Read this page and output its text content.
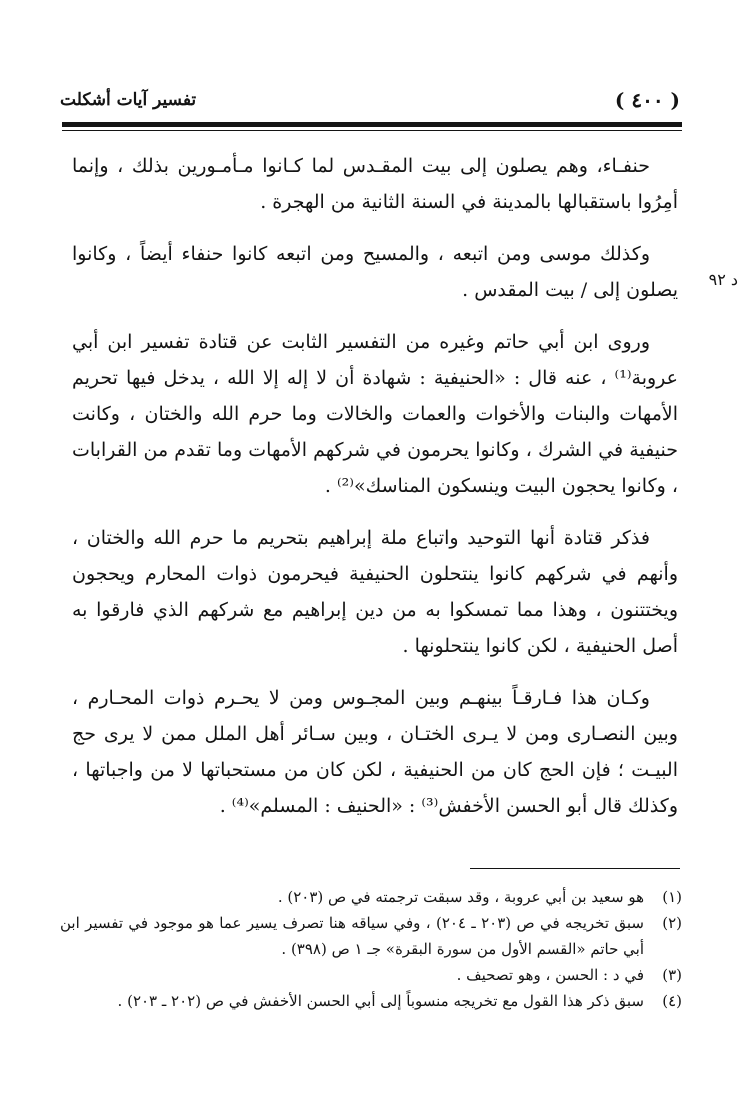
تفسير آيات أشكلت	( ٤٠٠ )
د ٩٢

حنفـاء، وهم يصلون إلى بيت المقـدس لما كـانوا مـأمـورين بذلك ، وإنما أمِرُوا باستقبالها بالمدينة في السنة الثانية من الهجرة .

وكذلك موسى ومن اتبعه ، والمسيح ومن اتبعه كانوا حنفاء أيضاً ، وكانوا يصلون إلى / بيت المقدس .

وروى ابن أبي حاتم وغيره من التفسير الثابت عن قتادة تفسير ابن أبي عروبة⁽¹⁾ ، عنه قال : «الحنيفية : شهادة أن لا إله إلا الله ، يدخل فيها تحريم الأمهات والبنات والأخوات والعمات والخالات وما حرم الله والختان ، وكانت حنيفية في الشرك ، وكانوا يحرمون في شركهم الأمهات وما تقدم من القرابات ، وكانوا يحجون البيت وينسكون المناسك»⁽²⁾ .

فذكر قتادة أنها التوحيد واتباع ملة إبراهيم بتحريم ما حرم الله والختان ، وأنهم في شركهم كانوا ينتحلون الحنيفية فيحرمون ذوات المحارم ويحجون ويختتنون ، وهذا مما تمسكوا به من دين إبراهيم مع شركهم الذي فارقوا به أصل الحنيفية ، لكن كانوا ينتحلونها .

وكـان هذا فـارقـاً بينهـم وبين المجـوس ومن لا يحـرم ذوات المحـارم ، وبين النصـارى ومن لا يـرى الختـان ، وبين سـائر أهل الملل ممن لا يرى حج البيـت ؛ فإن الحج كان من الحنيفية ، لكن كان من مستحباتها لا من واجباتها ، وكذلك قال أبو الحسن الأخفش⁽³⁾ : «الحنيف : المسلم»⁽⁴⁾ .

(١)
هو سعيد بن أبي عروبة ، وقد سبقت ترجمته في ص (٢٠٣) .
(٢)
سبق تخريجه في ص (٢٠٣ ـ ٢٠٤) ، وفي سياقه هنا تصرف يسير عما هو موجود في تفسير ابن أبي حاتم «القسم الأول من سورة البقرة» جـ ١ ص (٣٩٨) .
(٣)
في د : الحسن ، وهو تصحيف .
(٤)
سبق ذكر هذا القول مع تخريجه منسوباً إلى أبي الحسن الأخفش في ص (٢٠٢ ـ ٢٠٣) .
